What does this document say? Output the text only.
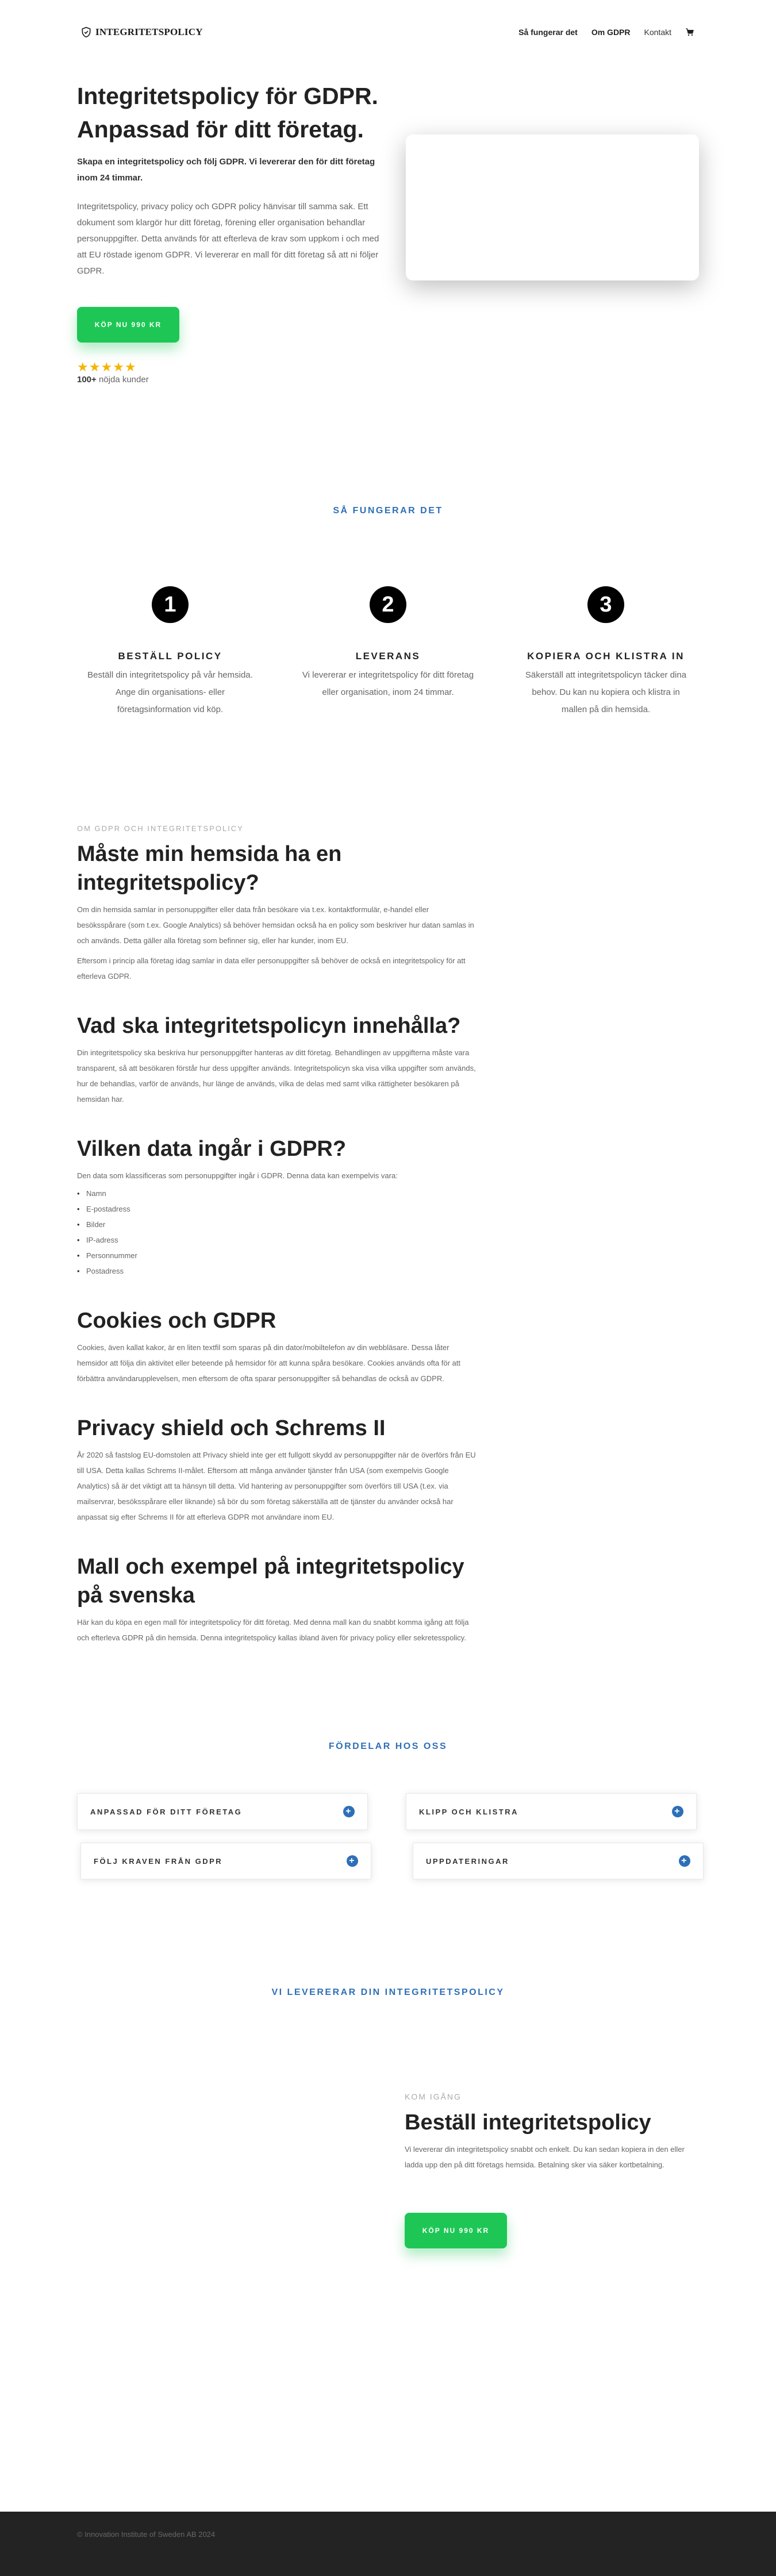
INTEGRITETSPOLICY	Så fungerar det Om GDPR Kontakt
Integritetspolicy för GDPR.
Anpassad för ditt företag.

Skapa en integritetspolicy och följ GDPR. Vi levererar den för ditt företag inom 24 timmar.

Integritetspolicy, privacy policy och GDPR policy hänvisar till samma sak. Ett dokument som klargör hur ditt företag, förening eller organisation behandlar personuppgifter. Detta används för att efterleva de krav som uppkom i och med att EU röstade igenom GDPR. Vi levererar en mall för ditt företag så att ni följer GDPR.

KÖP NU 990 KR
★★★★★
100+ nöjda kunder
SÅ FUNGERAR DET
1
BESTÄLL POLICY
Beställ din integritetspolicy på vår hemsida. Ange din organisations- eller företagsinformation vid köp.
2
LEVERANS
Vi levererar er integritetspolicy för ditt företag eller organisation, inom 24 timmar.
3
KOPIERA OCH KLISTRA IN
Säkerställ att integritetspolicyn täcker dina behov. Du kan nu kopiera och klistra in mallen på din hemsida.
OM GDPR OCH INTEGRITETSPOLICY
Måste min hemsida ha en integritetspolicy?

Om din hemsida samlar in personuppgifter eller data från besökare via t.ex. kontaktformulär, e-handel eller besöksspårare (som t.ex. Google Analytics) så behöver hemsidan också ha en policy som beskriver hur datan samlas in och används. Detta gäller alla företag som befinner sig, eller har kunder, inom EU.

Eftersom i princip alla företag idag samlar in data eller personuppgifter så behöver de också en integritetspolicy för att efterleva GDPR.

Vad ska integritetspolicyn innehålla?

Din integritetspolicy ska beskriva hur personuppgifter hanteras av ditt företag. Behandlingen av uppgifterna måste vara transparent, så att besökaren förstår hur dess uppgifter används. Integritetspolicyn ska visa vilka uppgifter som används, hur de behandlas, varför de används, hur länge de används, vilka de delas med samt vilka rättigheter besökaren på hemsidan har.

Vilken data ingår i GDPR?

Den data som klassificeras som personuppgifter ingår i GDPR. Denna data kan exempelvis vara:

• Namn
• E-postadress
• Bilder
• IP-adress
• Personnummer
• Postadress
Cookies och GDPR

Cookies, även kallat kakor, är en liten textfil som sparas på din dator/mobiltelefon av din webbläsare. Dessa låter hemsidor att följa din aktivitet eller beteende på hemsidor för att kunna spåra besökare. Cookies används ofta för att förbättra användarupplevelsen, men eftersom de ofta sparar personuppgifter så behandlas de också av GDPR.

Privacy shield och Schrems II

År 2020 så fastslog EU-domstolen att Privacy shield inte ger ett fullgott skydd av personuppgifter när de överförs från EU till USA. Detta kallas Schrems II-målet. Eftersom att många använder tjänster från USA (som exempelvis Google Analytics) så är det viktigt att ta hänsyn till detta. Vid hantering av personuppgifter som överförs till USA (t.ex. via mailservrar, besöksspårare eller liknande) så bör du som företag säkerställa att de tjänster du använder också har anpassat sig efter Schrems II för att efterleva GDPR mot användare inom EU.

Mall och exempel på integritetspolicy på svenska

Här kan du köpa en egen mall för integritetspolicy för ditt företag. Med denna mall kan du snabbt komma igång att följa och efterleva GDPR på din hemsida. Denna integritetspolicy kallas ibland även för privacy policy eller sekretesspolicy.

FÖRDELAR HOS OSS
ANPASSAD FÖR DITT FÖRETAG	+	KLIPP OCH KLISTRA	+
FÖLJ KRAVEN FRÅN GDPR	+	UPPDATERINGAR	+
VI LEVERERAR DIN INTEGRITETSPOLICY
KOM IGÅNG
Beställ integritetspolicy

Vi levererar din integritetspolicy snabbt och enkelt. Du kan sedan kopiera in den eller ladda upp den på ditt företags hemsida. Betalning sker via säker kortbetalning.

KÖP NU 990 KR
© Innovation Institute of Sweden AB 2024
